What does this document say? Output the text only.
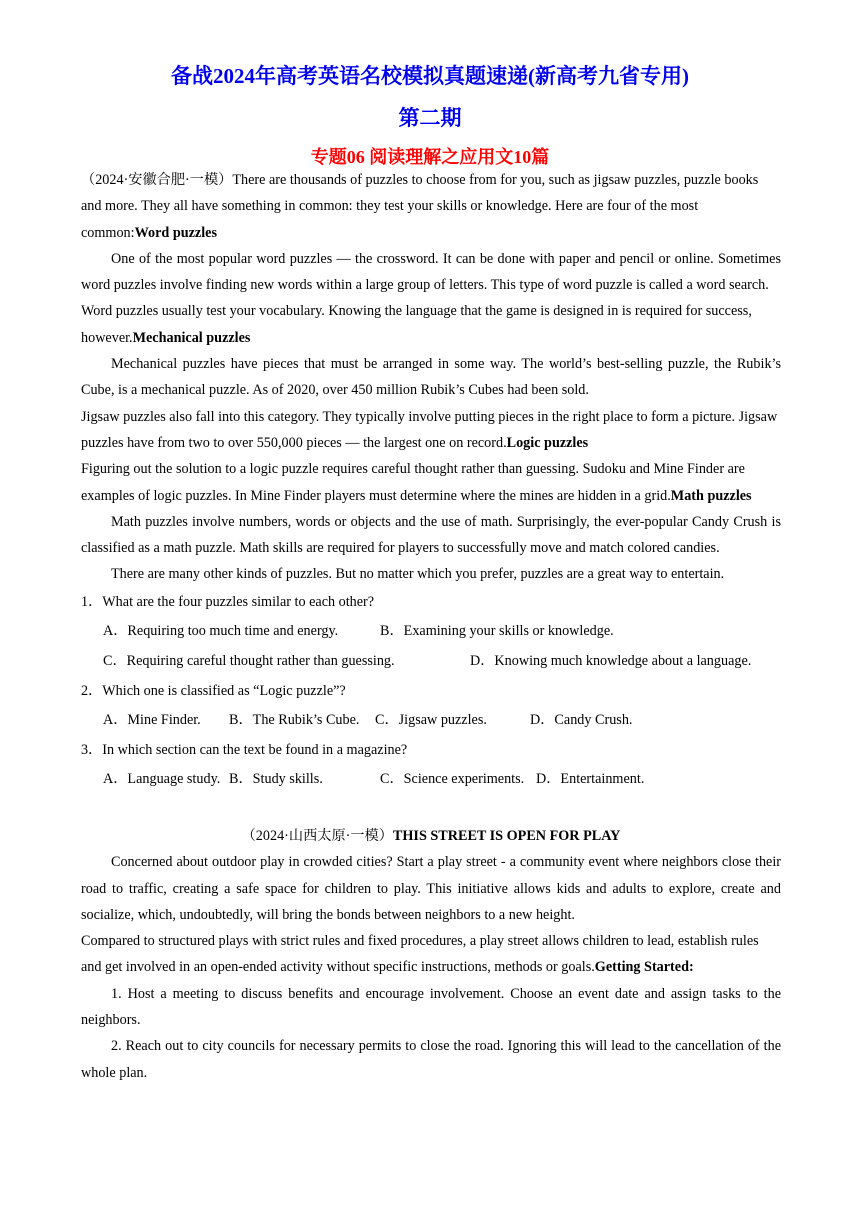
备战2024年高考英语名校模拟真题速递(新高考九省专用)
第二期
专题06 阅读理解之应用文10篇

（2024·安徽合肥·一模）There are thousands of puzzles to choose from for you, such as jigsaw puzzles, puzzle books and more. They all have something in common: they test your skills or knowledge. Here are four of the most common:Word puzzles

One of the most popular word puzzles — the crossword. It can be done with paper and pencil or online. Sometimes word puzzles involve finding new words within a large group of letters. This type of word puzzle is called a word search.

Word puzzles usually test your vocabulary. Knowing the language that the game is designed in is required for success, however.Mechanical puzzles

Mechanical puzzles have pieces that must be arranged in some way. The world’s best-selling puzzle, the Rubik’s Cube, is a mechanical puzzle. As of 2020, over 450 million Rubik’s Cubes had been sold.

Jigsaw puzzles also fall into this category. They typically involve putting pieces in the right place to form a picture. Jigsaw puzzles have from two to over 550,000 pieces — the largest one on record.Logic puzzles

Figuring out the solution to a logic puzzle requires careful thought rather than guessing. Sudoku and Mine Finder are examples of logic puzzles. In Mine Finder players must determine where the mines are hidden in a grid.Math puzzles

Math puzzles involve numbers, words or objects and the use of math. Surprisingly, the ever-popular Candy Crush is classified as a math puzzle. Math skills are required for players to successfully move and match colored candies.

There are many other kinds of puzzles. But no matter which you prefer, puzzles are a great way to entertain.

1．What are the four puzzles similar to each other?

A．Requiring too much time and energy.	B．Examining your skills or knowledge.
C．Requiring careful thought rather than guessing.	D．Knowing much knowledge about a language.

2．Which one is classified as “Logic puzzle”?

A．Mine Finder. B．The Rubik’s Cube. C．Jigsaw puzzles.	D．Candy Crush.

3．In which section can the text be found in a magazine?

A．Language study. B．Study skills.	C．Science experiments. D．Entertainment.

（2024·山西太原·一模）THIS STREET IS OPEN FOR PLAY

Concerned about outdoor play in crowded cities? Start a play street - a community event where neighbors close their road to traffic, creating a safe space for children to play. This initiative allows kids and adults to explore, create and socialize, which, undoubtedly, will bring the bonds between neighbors to a new height.

Compared to structured plays with strict rules and fixed procedures, a play street allows children to lead, establish rules and get involved in an open-ended activity without specific instructions, methods or goals.Getting Started:

1. Host a meeting to discuss benefits and encourage involvement. Choose an event date and assign tasks to the neighbors.

2. Reach out to city councils for necessary permits to close the road. Ignoring this will lead to the cancellation of the whole plan.
